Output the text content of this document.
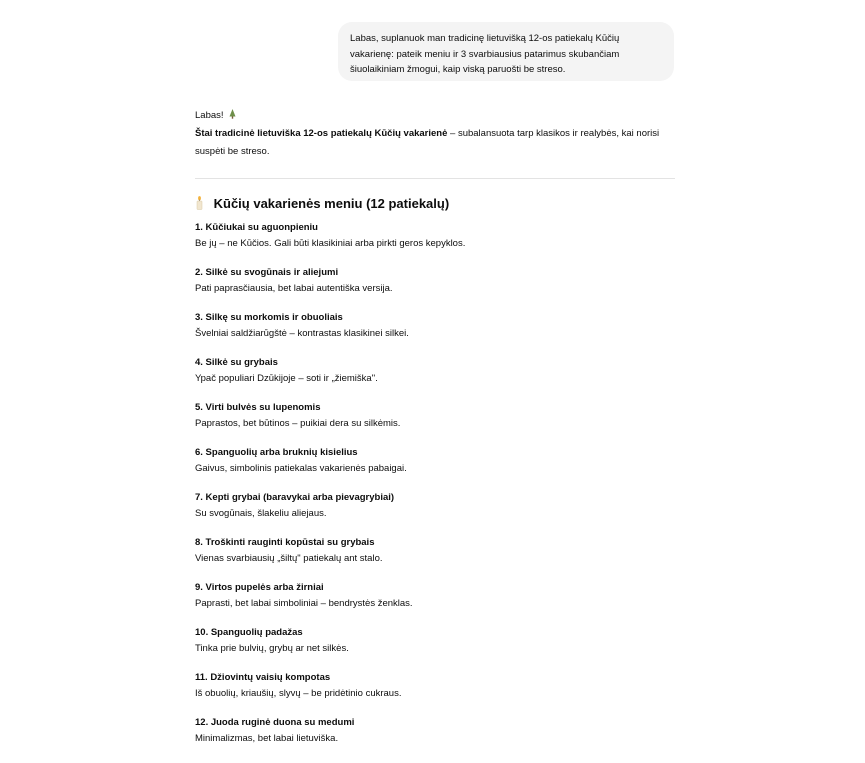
Labas, suplanuok man tradicinę lietuvišką 12-os patiekalų Kūčių vakarienę: pateik meniu ir 3 svarbiausius patarimus skubančiam šiuolaikiniam žmogui, kaip viską paruošti be streso.
Labas!
Štai tradicinė lietuviška 12-os patiekalų Kūčių vakarienė – subalansuota tarp klasikos ir realybės, kai norisi suspėti be streso.
Kūčių vakarienės meniu (12 patiekalų)
1. Kūčiukai su aguonpieniu
Be jų – ne Kūčios. Gali būti klasikiniai arba pirkti geros kepyklos.
2. Silkė su svogūnais ir aliejumi
Pati paprasčiausia, bet labai autentiška versija.
3. Silkę su morkomis ir obuoliais
Švelniai saldžiarūgštė – kontrastas klasikinei silkei.
4. Silkė su grybais
Ypač populiari Dzūkijoje – soti ir „žiemiška".
5. Virti bulvės su lupenomis
Paprastos, bet būtinos – puikiai dera su silkėmis.
6. Spanguolių arba bruknių kisielius
Gaivus, simbolinis patiekalas vakarienės pabaigai.
7. Kepti grybai (baravykai arba pievagrybiai)
Su svogūnais, šlakeliu aliejaus.
8. Troškinti rauginti kopūstai su grybais
Vienas svarbiausių „šiltų" patiekalų ant stalo.
9. Virtos pupelės arba žirniai
Paprasti, bet labai simboliniai – bendrystės ženklas.
10. Spanguolių padažas
Tinka prie bulvių, grybų ar net silkės.
11. Džiovintų vaisių kompotas
Iš obuolių, kriaušių, slyvų – be pridėtinio cukraus.
12. Juoda ruginė duona su medumi
Minimalizmas, bet labai lietuviška.
